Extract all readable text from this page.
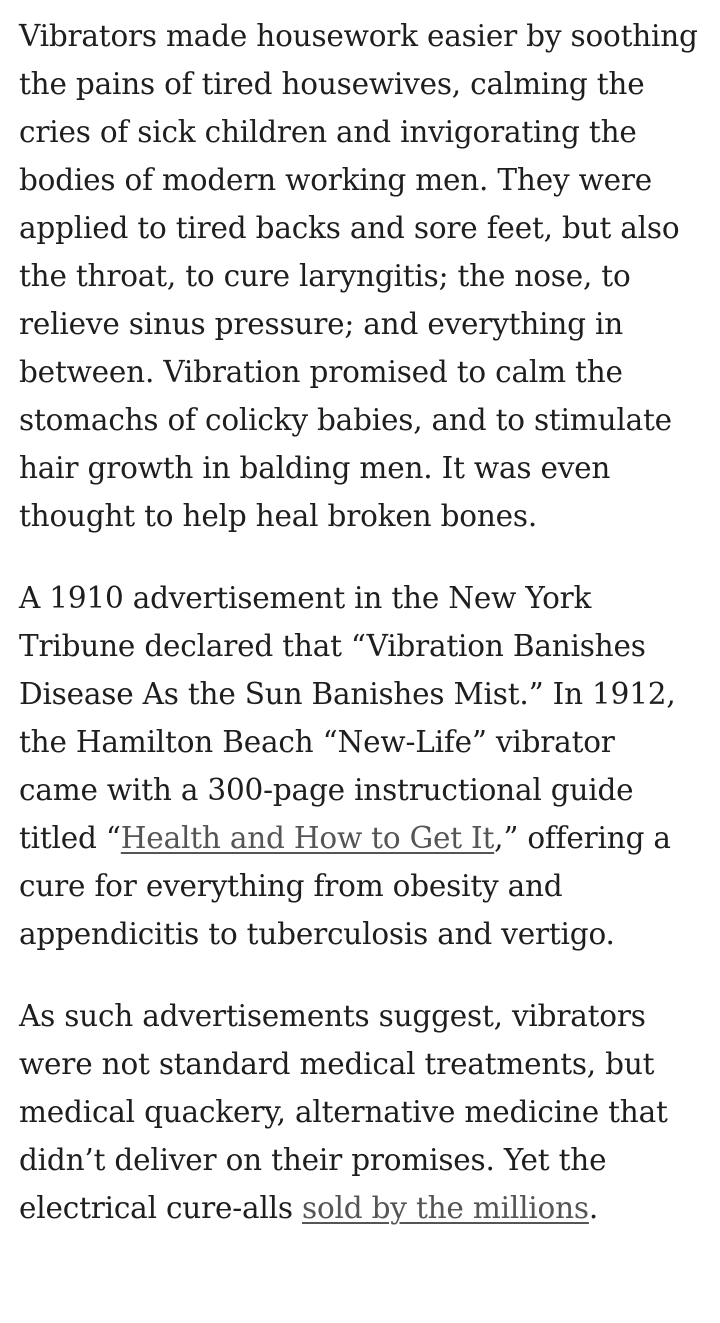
Vibrators made housework easier by soothing the pains of tired housewives, calming the cries of sick children and invigorating the bodies of modern working men. They were applied to tired backs and sore feet, but also the throat, to cure laryngitis; the nose, to relieve sinus pressure; and everything in between. Vibration promised to calm the stomachs of colicky babies, and to stimulate hair growth in balding men. It was even thought to help heal broken bones.

A 1910 advertisement in the New York Tribune declared that “Vibration Banishes Disease As the Sun Banishes Mist.” In 1912, the Hamilton Beach “New-Life” vibrator came with a 300-page instructional guide titled “Health and How to Get It,” offering a cure for everything from obesity and appendicitis to tuberculosis and vertigo.

As such advertisements suggest, vibrators were not standard medical treatments, but medical quackery, alternative medicine that didn’t deliver on their promises. Yet the electrical cure-alls sold by the millions.
